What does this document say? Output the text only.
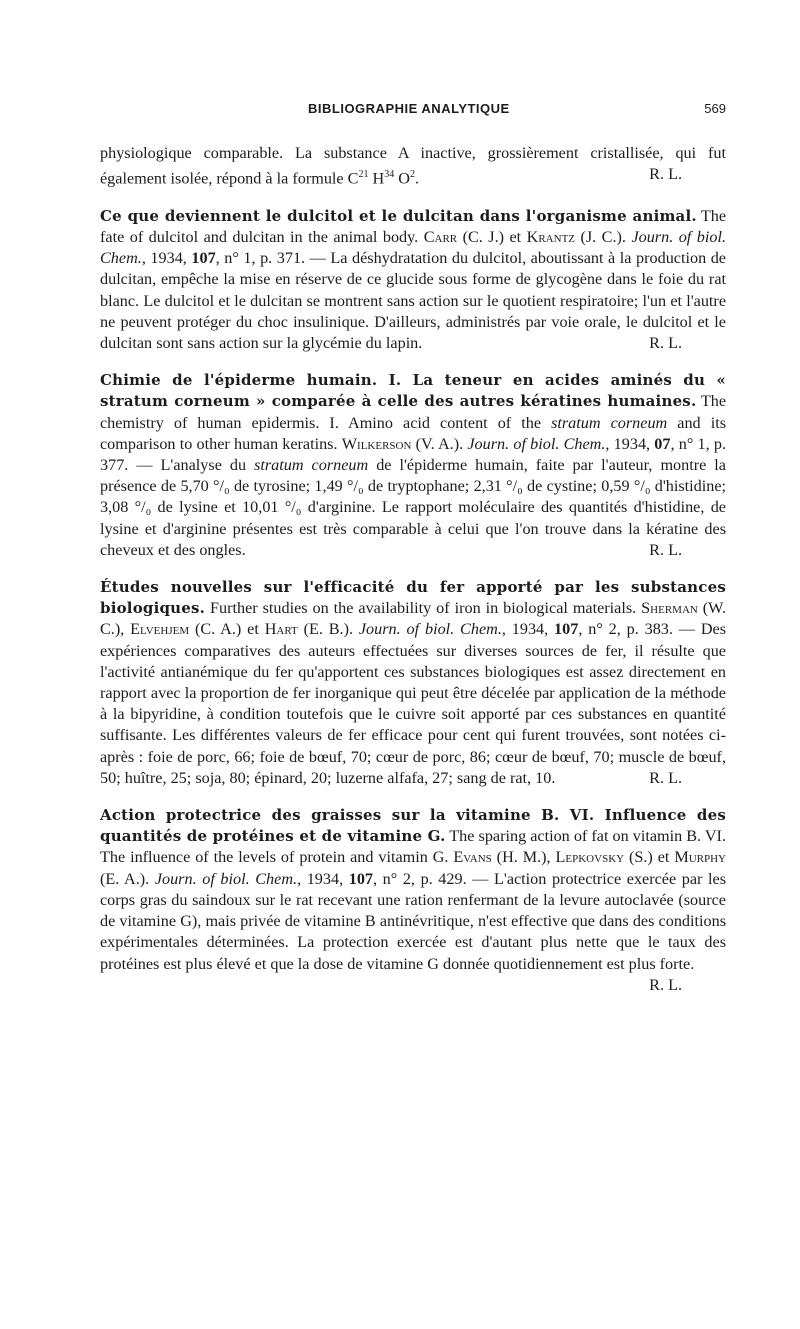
BIBLIOGRAPHIE ANALYTIQUE	569

physiologique comparable. La substance A inactive, grossièrement cristallisée, qui fut également isolée, répond à la formule $C^{21}$ $H^{34}$ $O^2$.	R. L.

Ce que deviennent le dulcitol et le dulcitan dans l'organisme animal. The fate of dulcitol and dulcitan in the animal body. Carr (C. J.) et Krantz (J. C.). Journ. of biol. Chem., 1934, 107, n° 1, p. 371. — La déshydratation du dulcitol, aboutissant à la production de dulcitan, empêche la mise en réserve de ce glucide sous forme de glycogène dans le foie du rat blanc. Le dulcitol et le dulcitan se montrent sans action sur le quotient respiratoire; l'un et l'autre ne peuvent protéger du choc insulinique. D'ailleurs, administrés par voie orale, le dulcitol et le dulcitan sont sans action sur la glycémie du lapin.	R. L.

Chimie de l'épiderme humain. I. La teneur en acides aminés du « stratum corneum » comparée à celle des autres kératines humaines. The chemistry of human epidermis. I. Amino acid content of the stratum corneum and its comparison to other human keratins. Wilkerson (V. A.). Journ. of biol. Chem., 1934, 07, n° 1, p. 377. — L'analyse du stratum corneum de l'épiderme humain, faite par l'auteur, montre la présence de 5,70 °/₀ de tyrosine; 1,49 °/₀ de tryptophane; 2,31 °/₀ de cystine; 0,59 °/₀ d'histidine; 3,08 °/₀ de lysine et 10,01 °/₀ d'arginine. Le rapport moléculaire des quantités d'histidine, de lysine et d'arginine présentes est très comparable à celui que l'on trouve dans la kératine des cheveux et des ongles.	R. L.

Études nouvelles sur l'efficacité du fer apporté par les substances biologiques. Further studies on the availability of iron in biological materials. Sherman (W. C.), Elvehjem (C. A.) et Hart (E. B.). Journ. of biol. Chem., 1934, 107, n° 2, p. 383. — Des expériences comparatives des auteurs effectuées sur diverses sources de fer, il résulte que l'activité antianémique du fer qu'apportent ces substances biologiques est assez directement en rapport avec la proportion de fer inorganique qui peut être décelée par application de la méthode à la bipyridine, à condition toutefois que le cuivre soit apporté par ces substances en quantité suffisante. Les différentes valeurs de fer efficace pour cent qui furent trouvées, sont notées ci-après : foie de porc, 66; foie de bœuf, 70; cœur de porc, 86; cœur de bœuf, 70; muscle de bœuf, 50; huître, 25; soja, 80; épinard, 20; luzerne alfafa, 27; sang de rat, 10.	R. L.

Action protectrice des graisses sur la vitamine B. VI. Influence des quantités de protéines et de vitamine G. The sparing action of fat on vitamin B. VI. The influence of the levels of protein and vitamin G. Evans (H. M.), Lepkovsky (S.) et Murphy (E. A.). Journ. of biol. Chem., 1934, 107, n° 2, p. 429. — L'action protectrice exercée par les corps gras du saindoux sur le rat recevant une ration renfermant de la levure autoclavée (source de vitamine G), mais privée de vitamine B antinévritique, n'est effective que dans des conditions expérimentales déterminées. La protection exercée est d'autant plus nette que le taux des protéines est plus élevé et que la dose de vitamine G donnée quotidiennement est plus forte.

R. L.
